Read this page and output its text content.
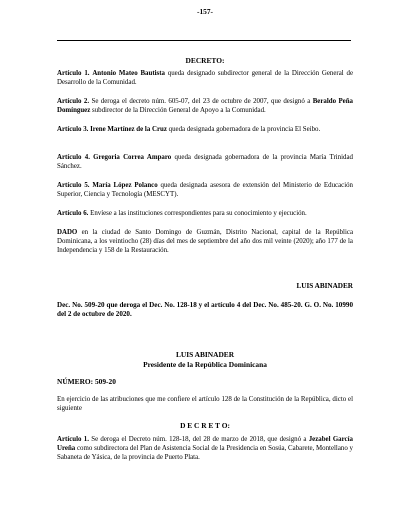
-157-

DECRETO:

Artículo 1. Antonio Mateo Bautista queda designado subdirector general de la Dirección General de Desarrollo de la Comunidad.

Artículo 2. Se deroga el decreto núm. 605-07, del 23 de octubre de 2007, que designó a Beraldo Peña Domínguez subdirector de la Dirección General de Apoyo a la Comunidad.

Artículo 3. Irene Martínez de la Cruz queda designada gobernadora de la provincia El Seibo.

Artículo 4. Gregoria Correa Amparo queda designada gobernadora de la provincia María Trinidad Sánchez.

Artículo 5. María López Polanco queda designada asesora de extensión del Ministerio de Educación Superior, Ciencia y Tecnología (MESCYT).

Artículo 6. Envíese a las instituciones correspondientes para su conocimiento y ejecución.

DADO en la ciudad de Santo Domingo de Guzmán, Distrito Nacional, capital de la República Dominicana, a los veintiocho (28) días del mes de septiembre del año dos mil veinte (2020); año 177 de la Independencia y 158 de la Restauración.

LUIS ABINADER

Dec. No. 509-20 que deroga el Dec. No. 128-18 y el artículo 4 del Dec. No. 485-20. G. O. No. 10990 del 2 de octubre de 2020.

LUIS ABINADER

Presidente de la República Dominicana

NÚMERO: 509-20

En ejercicio de las atribuciones que me confiere el artículo 128 de la Constitución de la República, dicto el siguiente

D E C R E T O:

Artículo 1. Se deroga el Decreto núm. 128-18, del 28 de marzo de 2018, que designó a Jezabel García Ureña como subdirectora del Plan de Asistencia Social de la Presidencia en Sosúa, Cabarete, Montellano y Sabaneta de Yásica, de la provincia de Puerto Plata.
